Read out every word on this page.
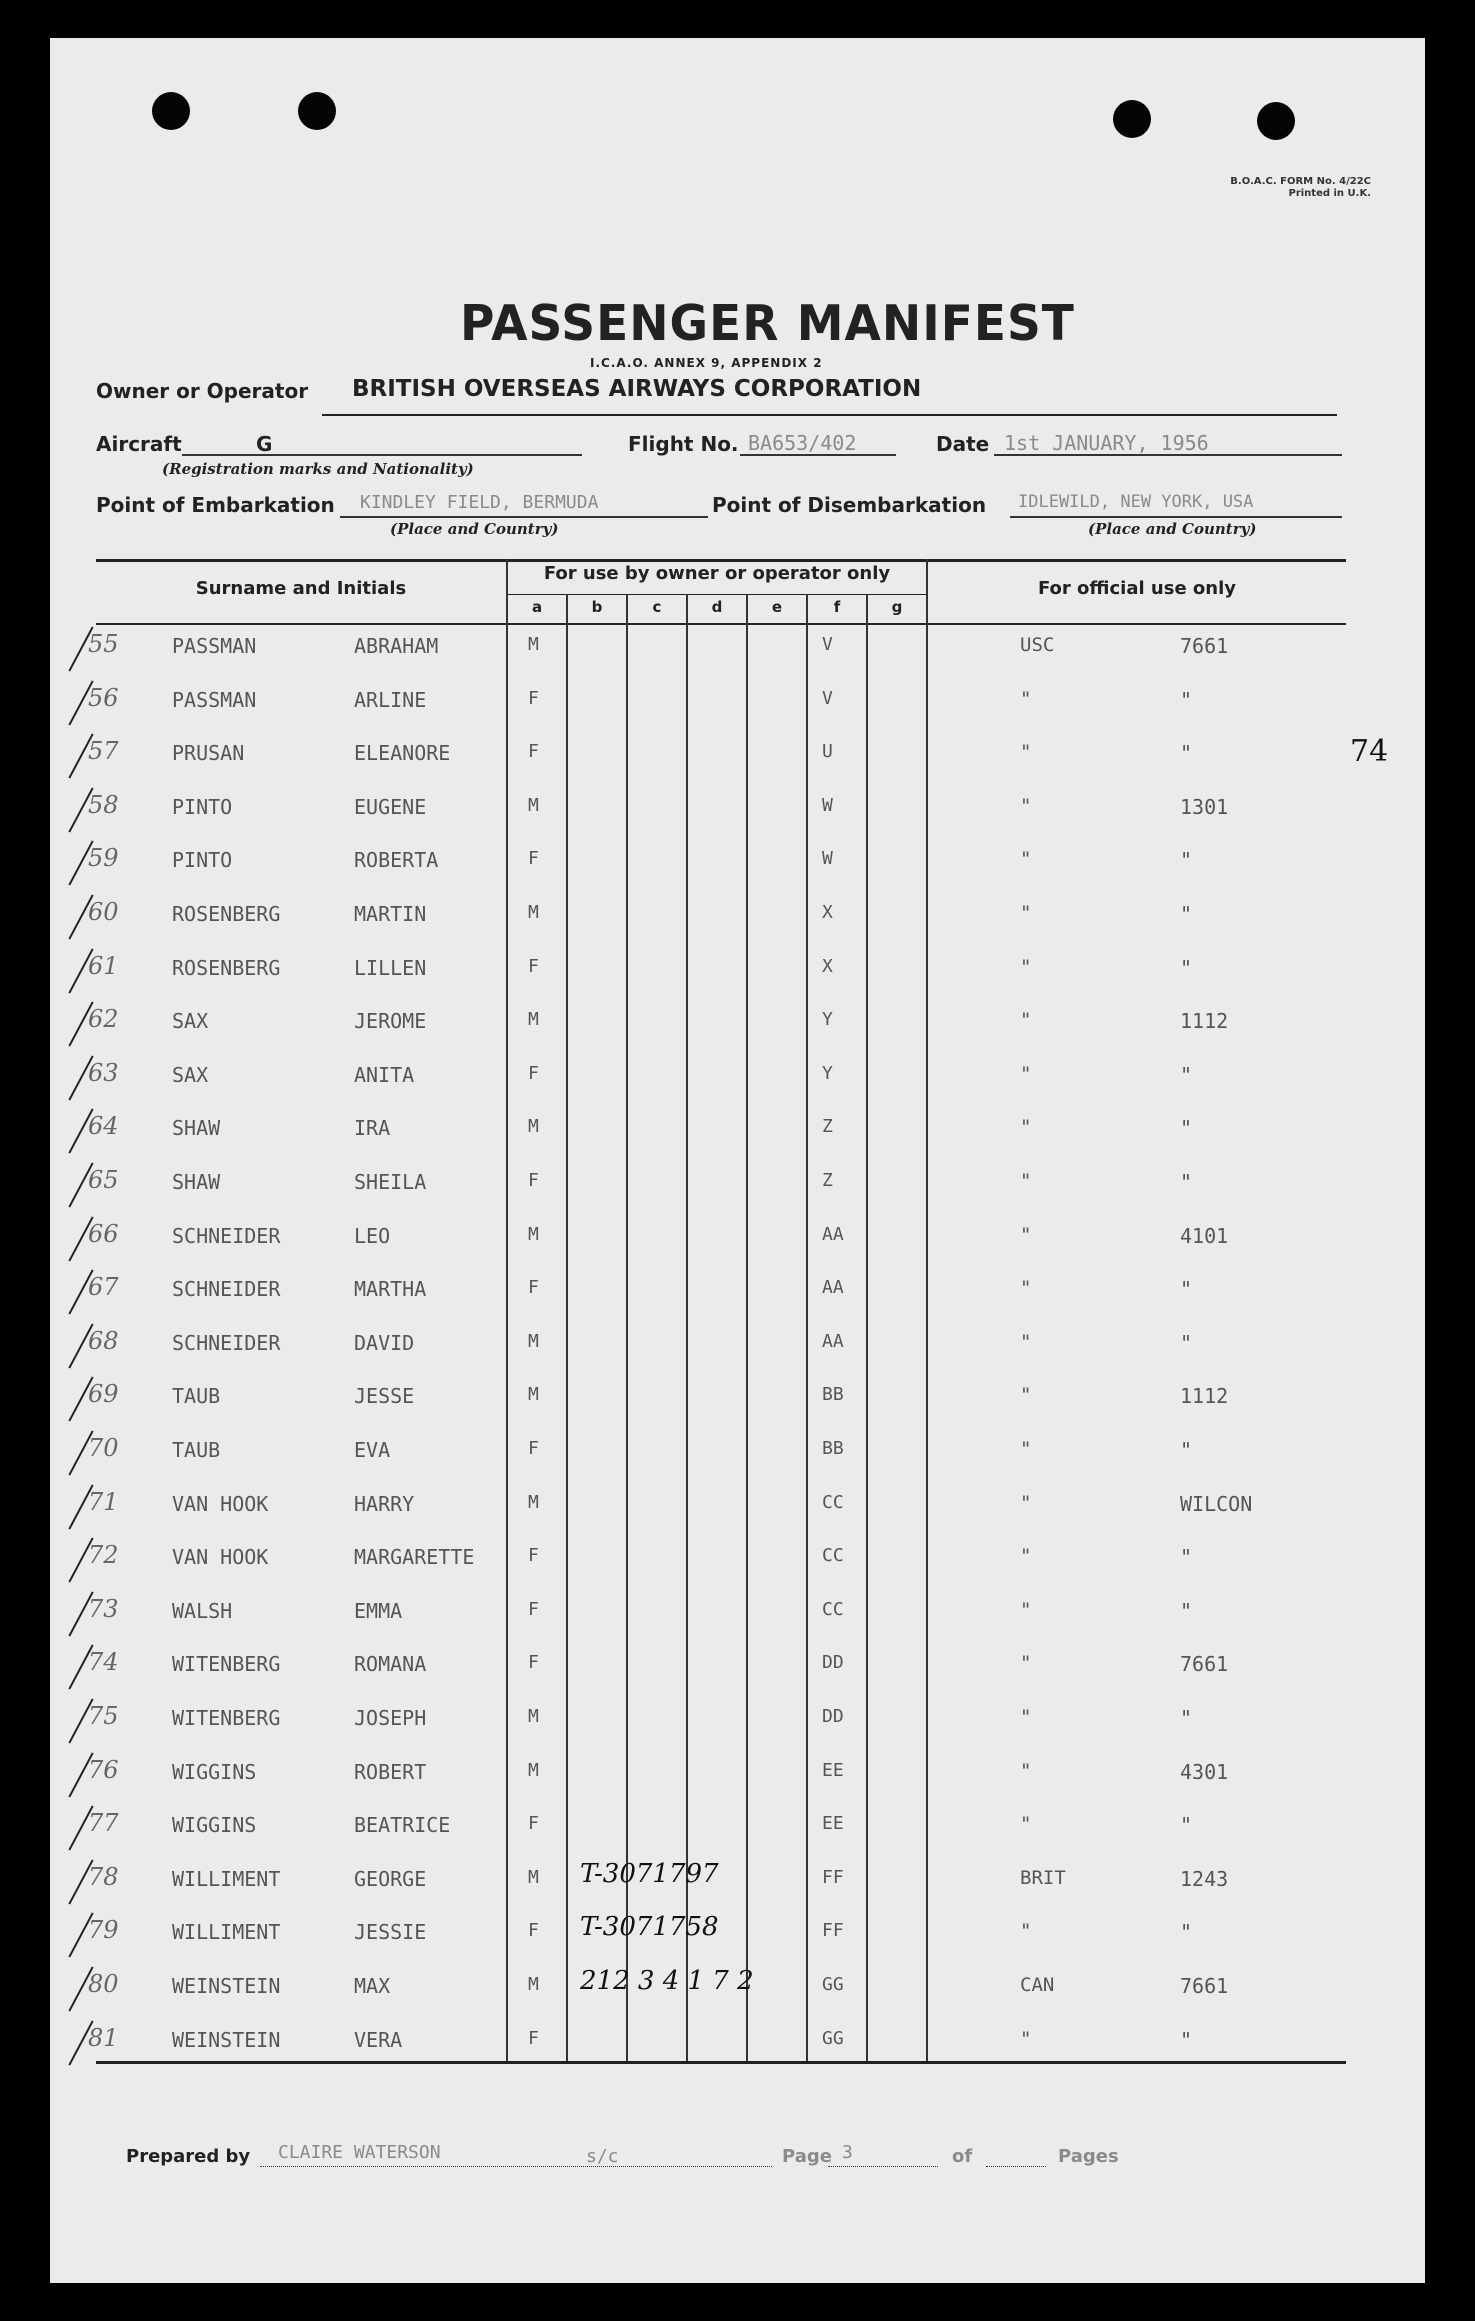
B.O.A.C. FORM No. 4/22C
Printed in U.K.
PASSENGER MANIFEST
I.C.A.O. ANNEX 9, APPENDIX 2
Owner or Operator BRITISH OVERSEAS AIRWAYS CORPORATION
Aircraft	G
(Registration marks and Nationality)
Flight No. BA653/402	Date 1st JANUARY, 1956
Point of Embarkation KINDLEY FIELD, BERMUDA
(Place and Country)
Point of Disembarkation IDLEWILD, NEW YORK, USA
(Place and Country)
Surname and Initials
For use by owner or operator only
For official use only
a	b	c	d	e	f	g
74
55	PASSMAN	ABRAHAM	M	V	USC	7661
56	PASSMAN	ARLINE	F	V	"	"
57	PRUSAN	ELEANORE	F	U	"	"
58	PINTO	EUGENE	M	W	"	1301
59	PINTO	ROBERTA	F	W	"	"
60	ROSENBERG	MARTIN	M	X	"	"
61	ROSENBERG	LILLEN	F	X	"	"
62	SAX	JEROME	M	Y	"	1112
63	SAX	ANITA	F	Y	"	"
64	SHAW	IRA	M	Z	"	"
65	SHAW	SHEILA	F	Z	"	"
66	SCHNEIDER	LEO	M	AA	"	4101
67	SCHNEIDER	MARTHA	F	AA	"	"
68	SCHNEIDER	DAVID	M	AA	"	"
69	TAUB	JESSE	M	BB	"	1112
70	TAUB	EVA	F	BB	"	"
71	VAN HOOK	HARRY	M	CC	"	WILCON
72	VAN HOOK	MARGARETTE	F	CC	"	"
73	WALSH	EMMA	F	CC	"	"
74	WITENBERG	ROMANA	F	DD	"	7661
75	WITENBERG	JOSEPH	M	DD	"	"
76	WIGGINS	ROBERT	M	EE	"	4301
77	WIGGINS	BEATRICE	F	EE	"	"
78	WILLIMENT	GEORGE	M	FF	BRIT	1243
T-3071797
79	WILLIMENT	JESSIE	F	FF	"	"
T-3071758
80	WEINSTEIN	MAX	M	GG	CAN	7661
212 3 4 1 7 2
81	WEINSTEIN	VERA	F	GG	"	"
Prepared by CLAIRE WATERSON	s/c	Page 3	of	Pages
